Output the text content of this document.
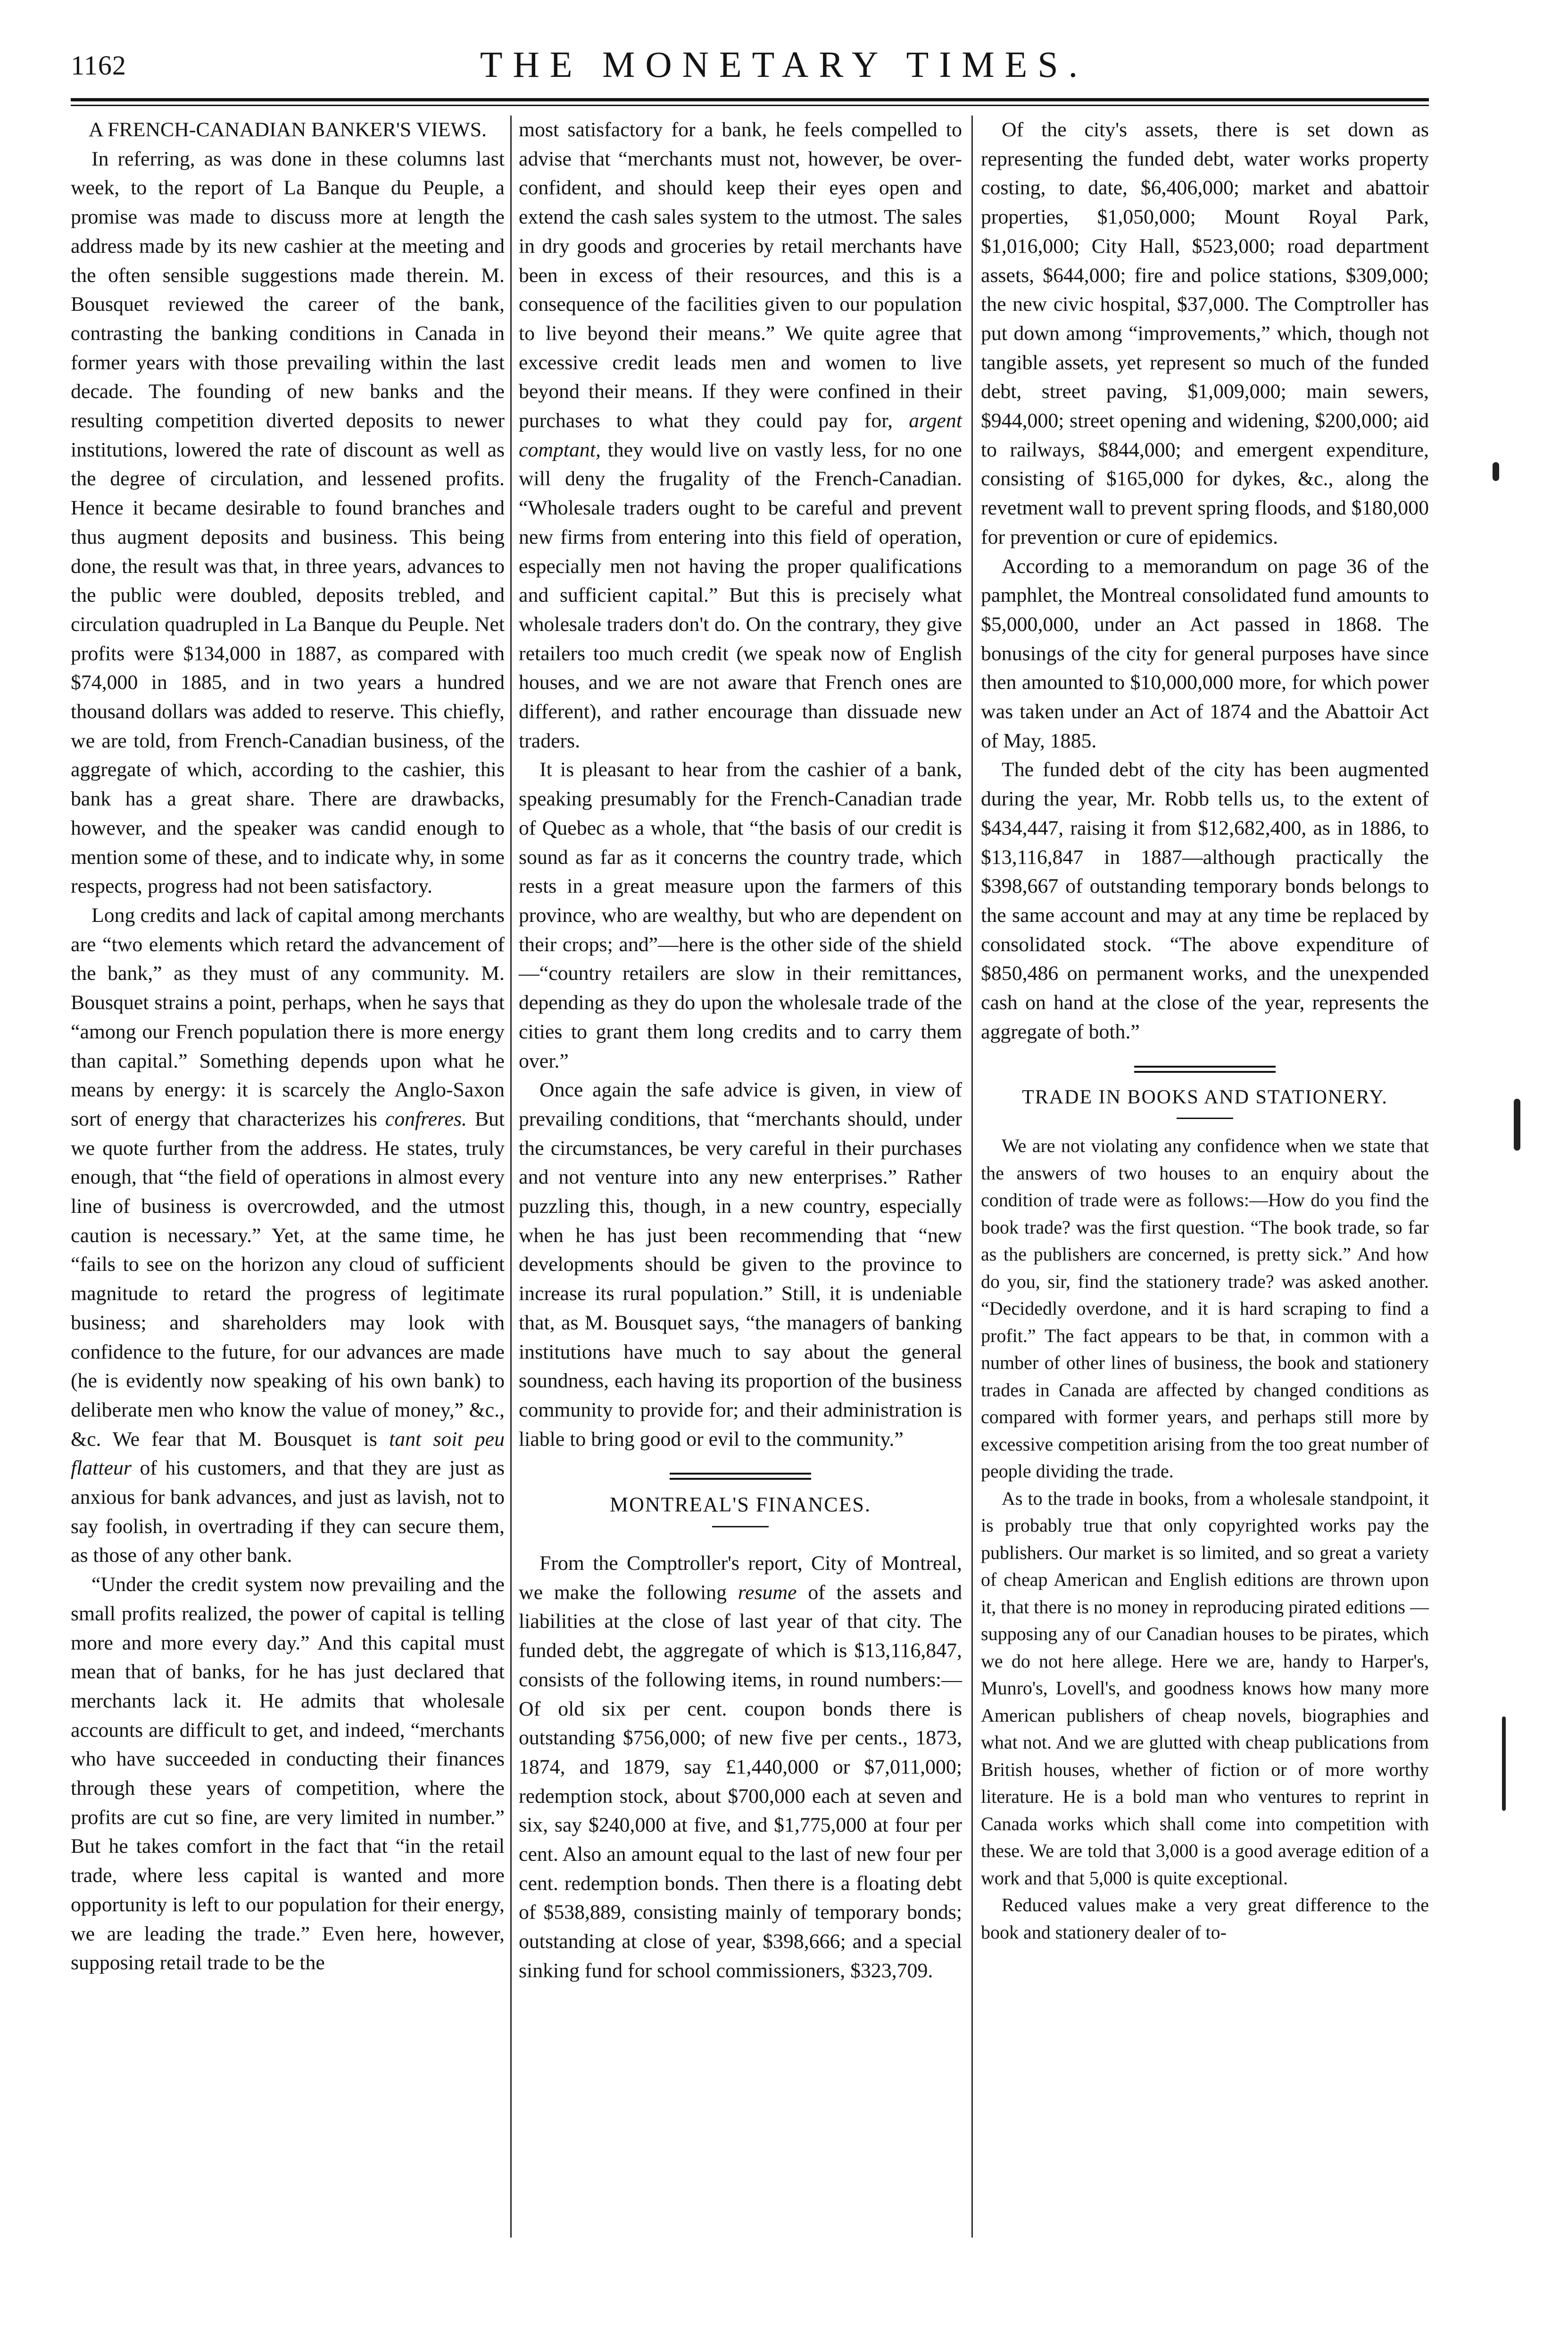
1162	THE MONETARY TIMES.
A FRENCH-CANADIAN BANKER'S VIEWS.

In referring, as was done in these columns last week, to the report of La Banque du Peuple, a promise was made to discuss more at length the address made by its new cashier at the meeting and the often sensible suggestions made therein. M. Bousquet reviewed the career of the bank, contrasting the banking conditions in Canada in former years with those prevailing within the last decade. The founding of new banks and the resulting competition diverted deposits to newer institutions, lowered the rate of discount as well as the degree of circulation, and lessened profits. Hence it became desirable to found branches and thus augment deposits and business. This being done, the result was that, in three years, advances to the public were doubled, deposits trebled, and circulation quadrupled in La Banque du Peuple. Net profits were $134,000 in 1887, as compared with $74,000 in 1885, and in two years a hundred thousand dollars was added to reserve. This chiefly, we are told, from French-Canadian business, of the aggregate of which, according to the cashier, this bank has a great share. There are drawbacks, however, and the speaker was candid enough to mention some of these, and to indicate why, in some respects, progress had not been satisfactory.

Long credits and lack of capital among merchants are “two elements which retard the advancement of the bank,” as they must of any community. M. Bousquet strains a point, perhaps, when he says that “among our French population there is more energy than capital.” Something depends upon what he means by energy: it is scarcely the Anglo-Saxon sort of energy that characterizes his confreres. But we quote further from the address. He states, truly enough, that “the field of operations in almost every line of business is overcrowded, and the utmost caution is necessary.” Yet, at the same time, he “fails to see on the horizon any cloud of sufficient magnitude to retard the progress of legitimate business; and shareholders may look with confidence to the future, for our advances are made (he is evidently now speaking of his own bank) to deliberate men who know the value of money,” &c., &c. We fear that M. Bousquet is tant soit peu flatteur of his customers, and that they are just as anxious for bank advances, and just as lavish, not to say foolish, in overtrading if they can secure them, as those of any other bank.

“Under the credit system now prevailing and the small profits realized, the power of capital is telling more and more every day.” And this capital must mean that of banks, for he has just declared that merchants lack it. He admits that wholesale accounts are difficult to get, and indeed, “merchants who have succeeded in conducting their finances through these years of competition, where the profits are cut so fine, are very limited in number.” But he takes comfort in the fact that “in the retail trade, where less capital is wanted and more opportunity is left to our population for their energy, we are leading the trade.” Even here, however, supposing retail trade to be the

most satisfactory for a bank, he feels compelled to advise that “merchants must not, however, be over-confident, and should keep their eyes open and extend the cash sales system to the utmost. The sales in dry goods and groceries by retail merchants have been in excess of their resources, and this is a consequence of the facilities given to our population to live beyond their means.” We quite agree that excessive credit leads men and women to live beyond their means. If they were confined in their purchases to what they could pay for, argent comptant, they would live on vastly less, for no one will deny the frugality of the French-Canadian. “Wholesale traders ought to be careful and prevent new firms from entering into this field of operation, especially men not having the proper qualifications and sufficient capital.” But this is precisely what wholesale traders don't do. On the contrary, they give retailers too much credit (we speak now of English houses, and we are not aware that French ones are different), and rather encourage than dissuade new traders.

It is pleasant to hear from the cashier of a bank, speaking presumably for the French-Canadian trade of Quebec as a whole, that “the basis of our credit is sound as far as it concerns the country trade, which rests in a great measure upon the farmers of this province, who are wealthy, but who are dependent on their crops; and”—here is the other side of the shield—“country retailers are slow in their remittances, depending as they do upon the wholesale trade of the cities to grant them long credits and to carry them over.”

Once again the safe advice is given, in view of prevailing conditions, that “merchants should, under the circumstances, be very careful in their purchases and not venture into any new enterprises.” Rather puzzling this, though, in a new country, especially when he has just been recommending that “new developments should be given to the province to increase its rural population.” Still, it is undeniable that, as M. Bousquet says, “the managers of banking institutions have much to say about the general soundness, each having its proportion of the business community to provide for; and their administration is liable to bring good or evil to the community.”

MONTREAL'S FINANCES.

From the Comptroller's report, City of Montreal, we make the following resume of the assets and liabilities at the close of last year of that city. The funded debt, the aggregate of which is $13,116,847, consists of the following items, in round numbers:—Of old six per cent. coupon bonds there is outstanding $756,000; of new five per cents., 1873, 1874, and 1879, say £1,440,000 or $7,011,000; redemption stock, about $700,000 each at seven and six, say $240,000 at five, and $1,775,000 at four per cent. Also an amount equal to the last of new four per cent. redemption bonds. Then there is a floating debt of $538,889, consisting mainly of temporary bonds; outstanding at close of year, $398,666; and a special sinking fund for school commissioners, $323,709.

Of the city's assets, there is set down as representing the funded debt, water works property costing, to date, $6,406,000; market and abattoir properties, $1,050,000; Mount Royal Park, $1,016,000; City Hall, $523,000; road department assets, $644,000; fire and police stations, $309,000; the new civic hospital, $37,000. The Comptroller has put down among “improvements,” which, though not tangible assets, yet represent so much of the funded debt, street paving, $1,009,000; main sewers, $944,000; street opening and widening, $200,000; aid to railways, $844,000; and emergent expenditure, consisting of $165,000 for dykes, &c., along the revetment wall to prevent spring floods, and $180,000 for prevention or cure of epidemics.

According to a memorandum on page 36 of the pamphlet, the Montreal consolidated fund amounts to $5,000,000, under an Act passed in 1868. The bonusings of the city for general purposes have since then amounted to $10,000,000 more, for which power was taken under an Act of 1874 and the Abattoir Act of May, 1885.

The funded debt of the city has been augmented during the year, Mr. Robb tells us, to the extent of $434,447, raising it from $12,682,400, as in 1886, to $13,116,847 in 1887—although practically the $398,667 of outstanding temporary bonds belongs to the same account and may at any time be replaced by consolidated stock. “The above expenditure of $850,486 on permanent works, and the unexpended cash on hand at the close of the year, represents the aggregate of both.”

TRADE IN BOOKS AND STATIONERY.

We are not violating any confidence when we state that the answers of two houses to an enquiry about the condition of trade were as follows:—How do you find the book trade? was the first question. “The book trade, so far as the publishers are concerned, is pretty sick.” And how do you, sir, find the stationery trade? was asked another. “Decidedly overdone, and it is hard scraping to find a profit.” The fact appears to be that, in common with a number of other lines of business, the book and stationery trades in Canada are affected by changed conditions as compared with former years, and perhaps still more by excessive competition arising from the too great number of people dividing the trade.

As to the trade in books, from a wholesale standpoint, it is probably true that only copyrighted works pay the publishers. Our market is so limited, and so great a variety of cheap American and English editions are thrown upon it, that there is no money in reproducing pirated editions — supposing any of our Canadian houses to be pirates, which we do not here allege. Here we are, handy to Harper's, Munro's, Lovell's, and goodness knows how many more American publishers of cheap novels, biographies and what not. And we are glutted with cheap publications from British houses, whether of fiction or of more worthy literature. He is a bold man who ventures to reprint in Canada works which shall come into competition with these. We are told that 3,000 is a good average edition of a work and that 5,000 is quite exceptional.

Reduced values make a very great difference to the book and stationery dealer of to-
